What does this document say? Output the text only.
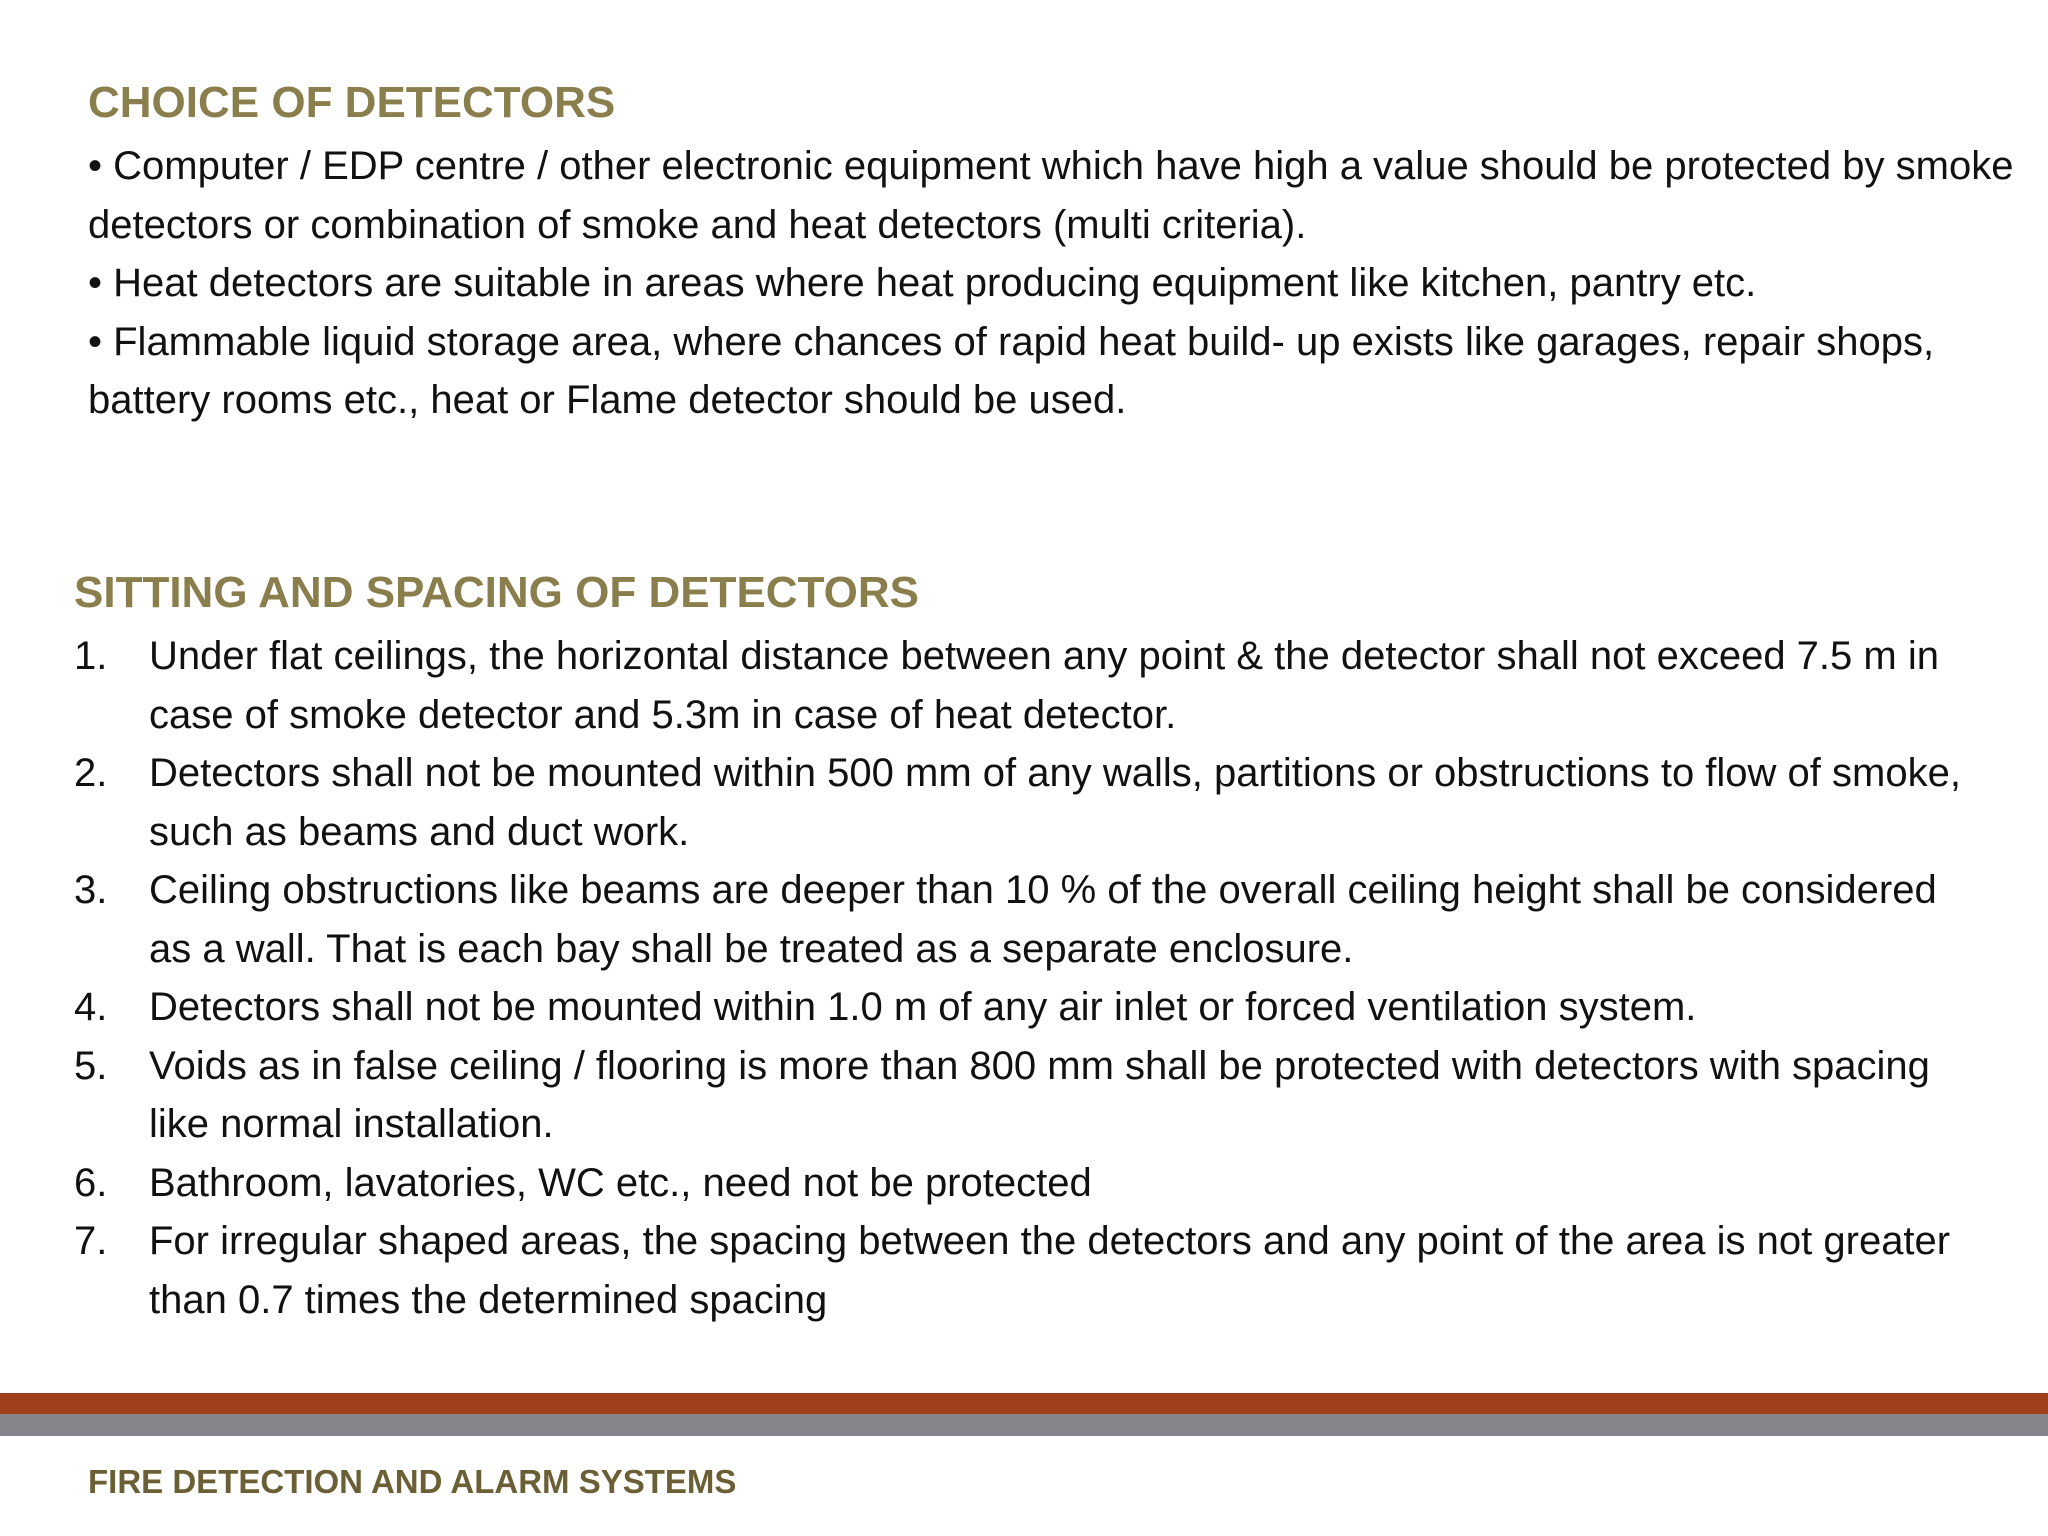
CHOICE OF DETECTORS

• Computer / EDP centre / other electronic equipment which have high a value should be protected by smoke detectors or combination of smoke and heat detectors (multi criteria).

• Heat detectors are suitable in areas where heat producing equipment like kitchen, pantry etc.

• Flammable liquid storage area, where chances of rapid heat build- up exists like garages, repair shops, battery rooms etc., heat or Flame detector should be used.

SITTING AND SPACING OF DETECTORS
1. Under flat ceilings, the horizontal distance between any point & the detector shall not exceed 7.5 m in case of smoke detector and 5.3m in case of heat detector.
2. Detectors shall not be mounted within 500 mm of any walls, partitions or obstructions to flow of smoke, such as beams and duct work.
3. Ceiling obstructions like beams are deeper than 10 % of the overall ceiling height shall be considered as a wall. That is each bay shall be treated as a separate enclosure.
4. Detectors shall not be mounted within 1.0 m of any air inlet or forced ventilation system.
5. Voids as in false ceiling / flooring is more than 800 mm shall be protected with detectors with spacing like normal installation.
6. Bathroom, lavatories, WC etc., need not be protected
7. For irregular shaped areas, the spacing between the detectors and any point of the area is not greater than 0.7 times the determined spacing

FIRE DETECTION AND ALARM SYSTEMS
